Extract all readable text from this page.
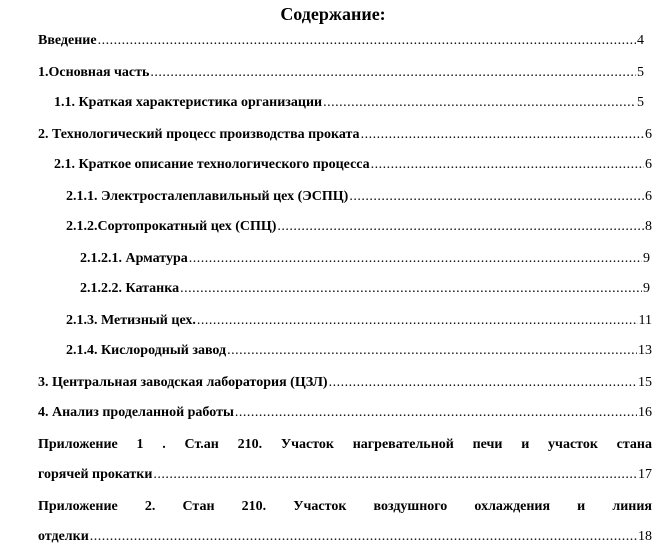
Содержание:
Введение .....	4
1.Основная часть .....	5
1.1. Краткая характеристика организации .....	5
2. Технологический процесс производства проката .....	6
2.1. Краткое описание технологического процесса .....	6
2.1.1. Электросталеплавильный цех (ЭСПЦ) .....	6
2.1.2.Сортопрокатный цех (СПЦ) .....	8
2.1.2.1. Арматура .....	9
2.1.2.2. Катанка .....	9
2.1.3. Метизный цех. .....	11
2.1.4. Кислородный завод .....	13
3. Центральная заводская лаборатория (ЦЗЛ) .....	15
4. Анализ проделанной работы .....	16
Приложение 1 . Ст.ан 210. Участок нагревательной печи и участок стана
горячей прокатки .....	17
Приложение 2. Стан 210. Участок воздушного охлаждения и линия
отделки .....	18
